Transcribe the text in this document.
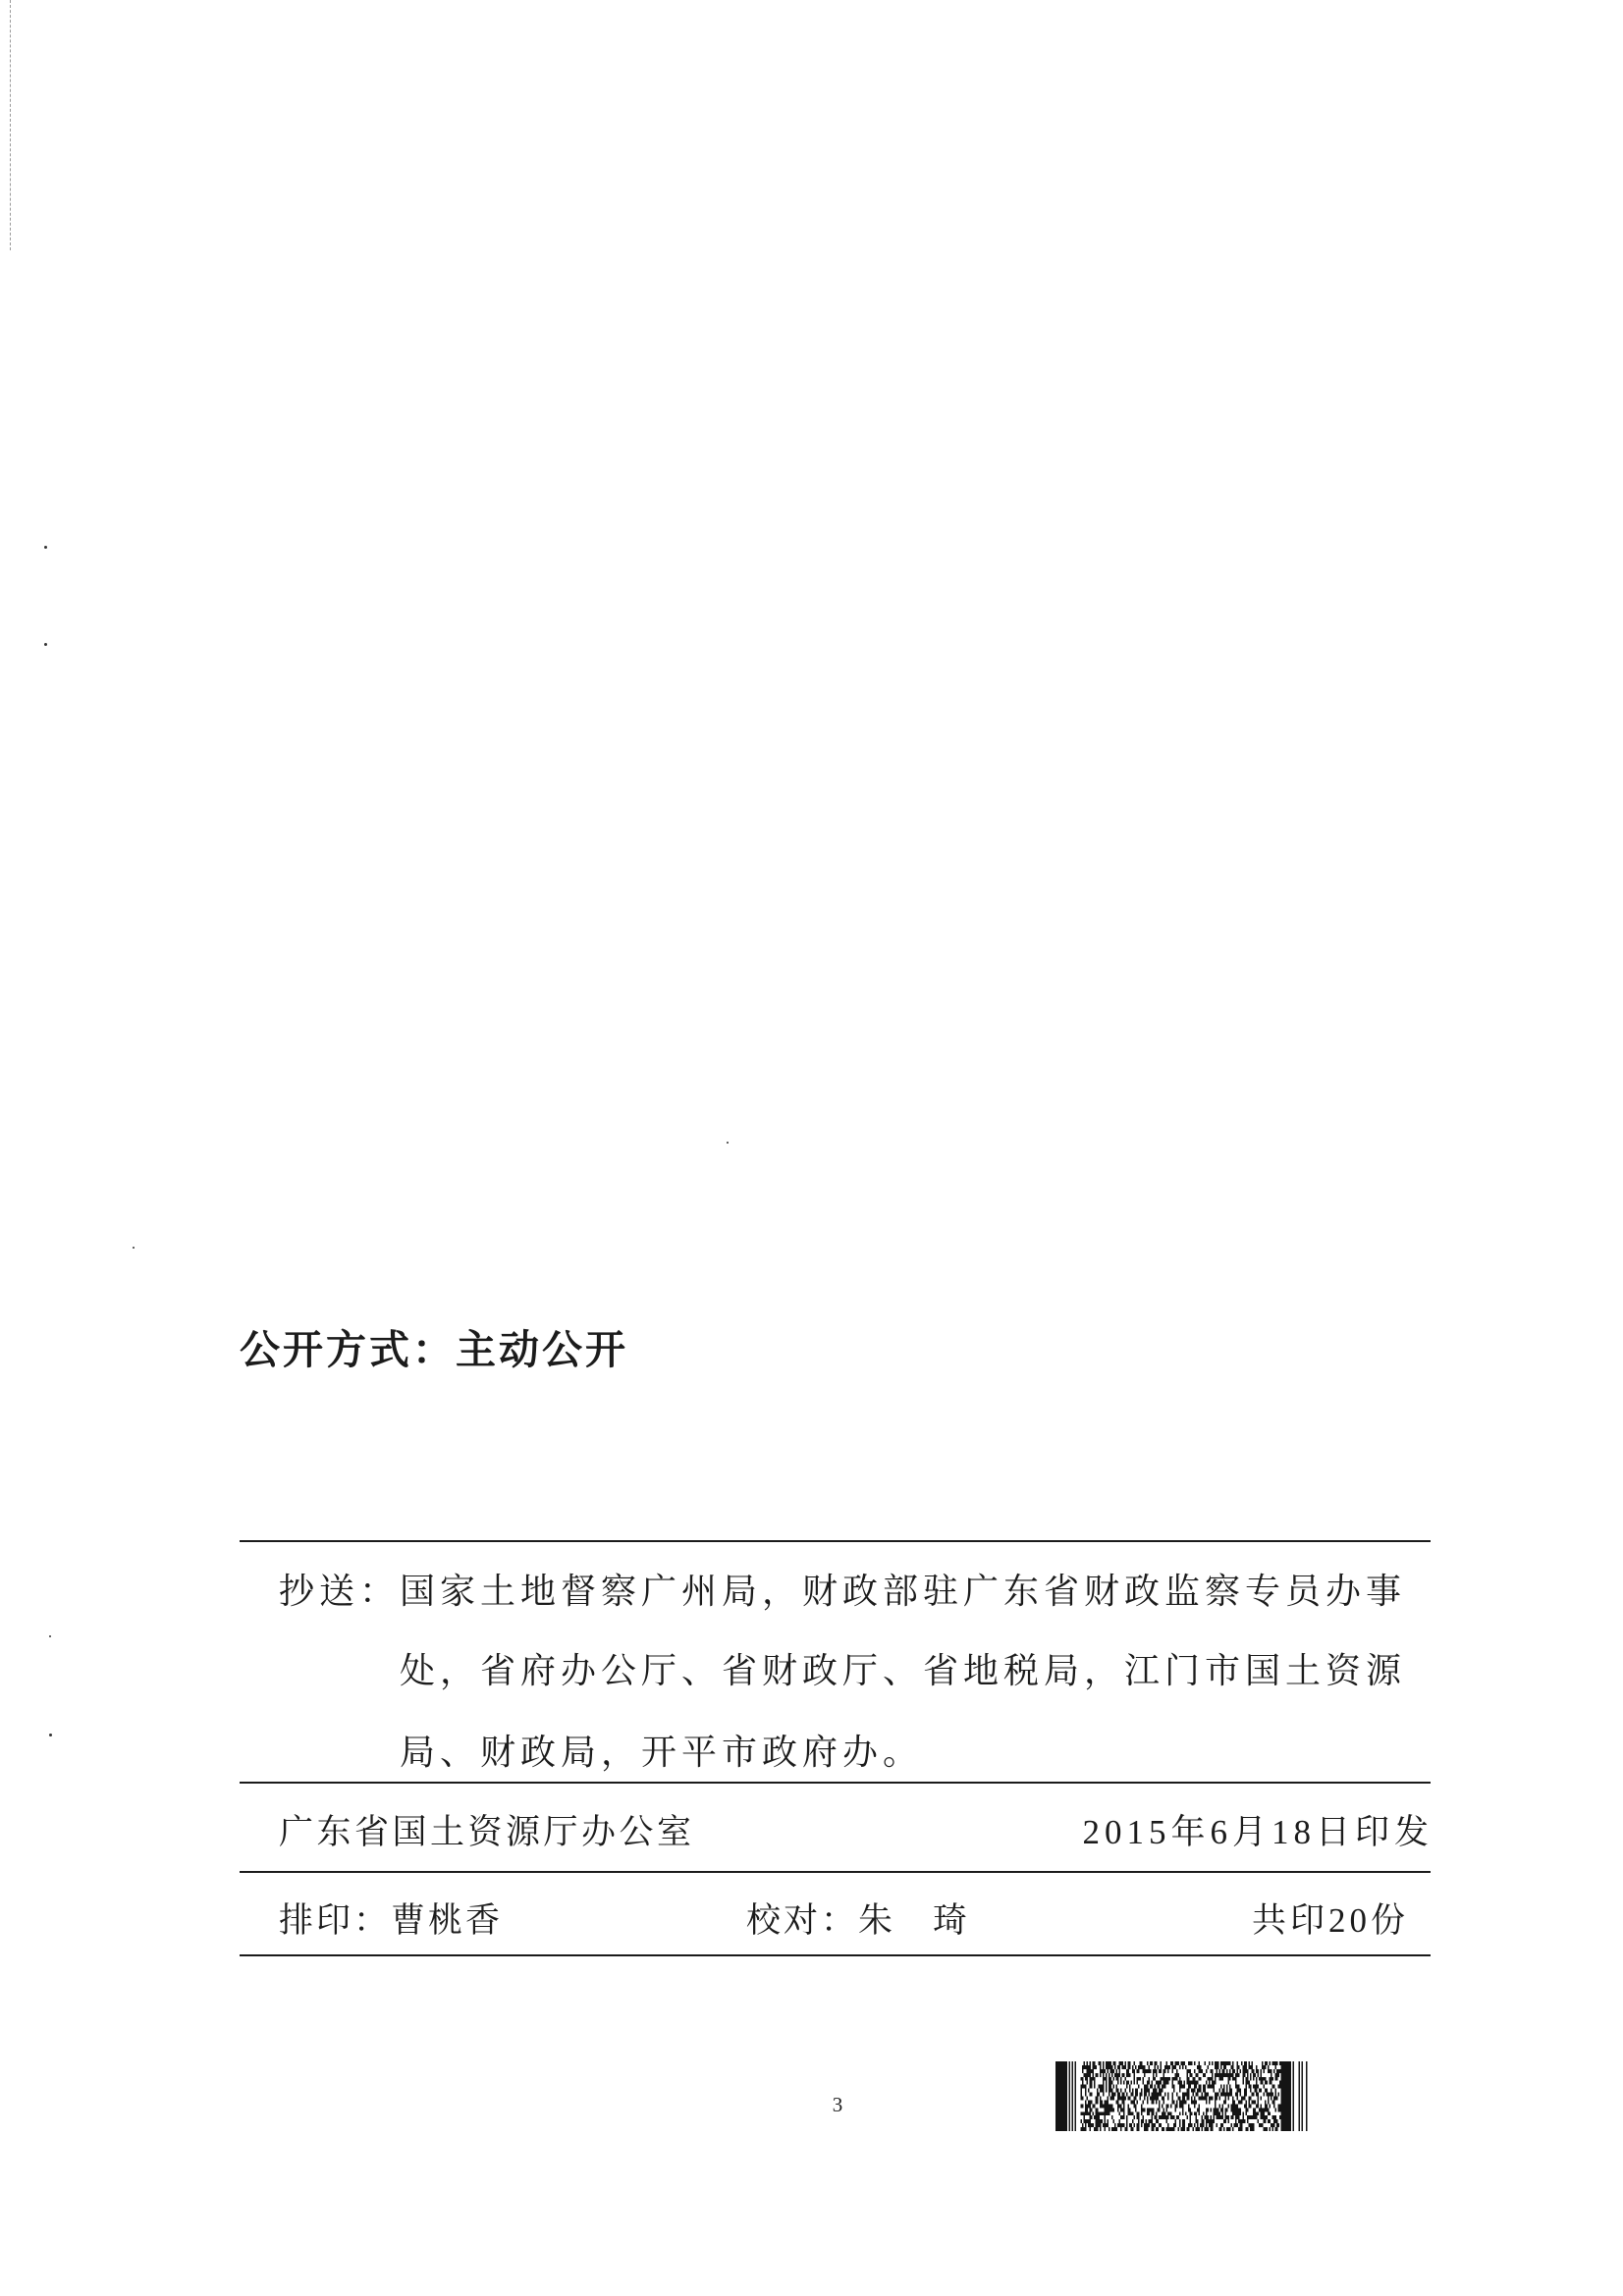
公开方式：主动公开
抄送： 国家土地督察广州局，财政部驻广东省财政监察专员办事
处，省府办公厅、省财政厅、省地税局，江门市国土资源
局、财政局，开平市政府办。
广东省国土资源厅办公室	2015年6月18日印发
排印：曹桃香	校对：朱　琦	共印20份
3
